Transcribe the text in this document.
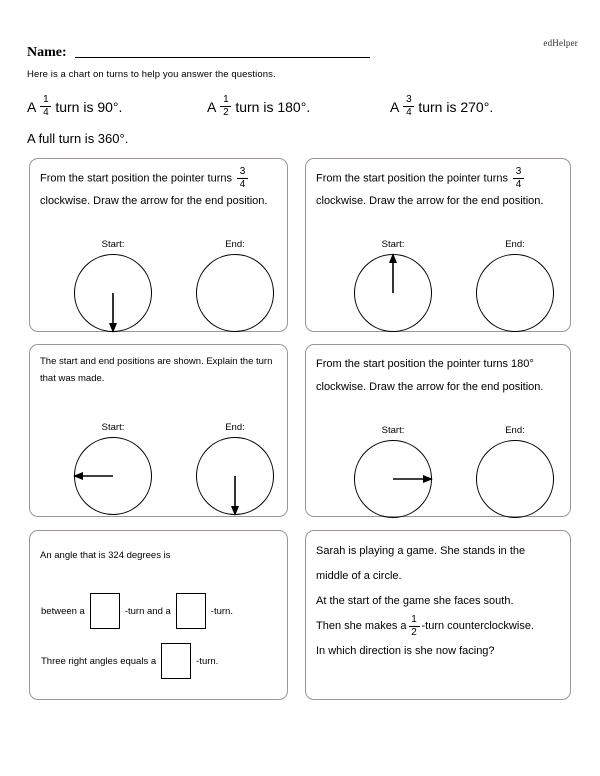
edHelper
Name:
Here is a chart on turns to help you answer the questions.
A $\frac{1}{4}$ turn is 90°.	A $\frac{1}{2}$ turn is 180°.	A $\frac{3}{4}$ turn is 270°.
A full turn is 360°.
From the start position the pointer turns $\frac{3}{4}$
clockwise. Draw the arrow for the end position.
Start:	End:
From the start position the pointer turns $\frac{3}{4}$
clockwise. Draw the arrow for the end position.
Start:	End:
The start and end positions are shown. Explain the turn that was made.
Start:	End:
From the start position the pointer turns 180° clockwise. Draw the arrow for the end position.
Start:	End:
An angle that is 324 degrees is
between a	-turn and a	-turn.
Three right angles equals a	-turn.
Sarah is playing a game. She stands in the
middle of a circle.
At the start of the game she faces south.
Then she makes a $\frac{1}{2}$ -turn counterclockwise.
In which direction is she now facing?
